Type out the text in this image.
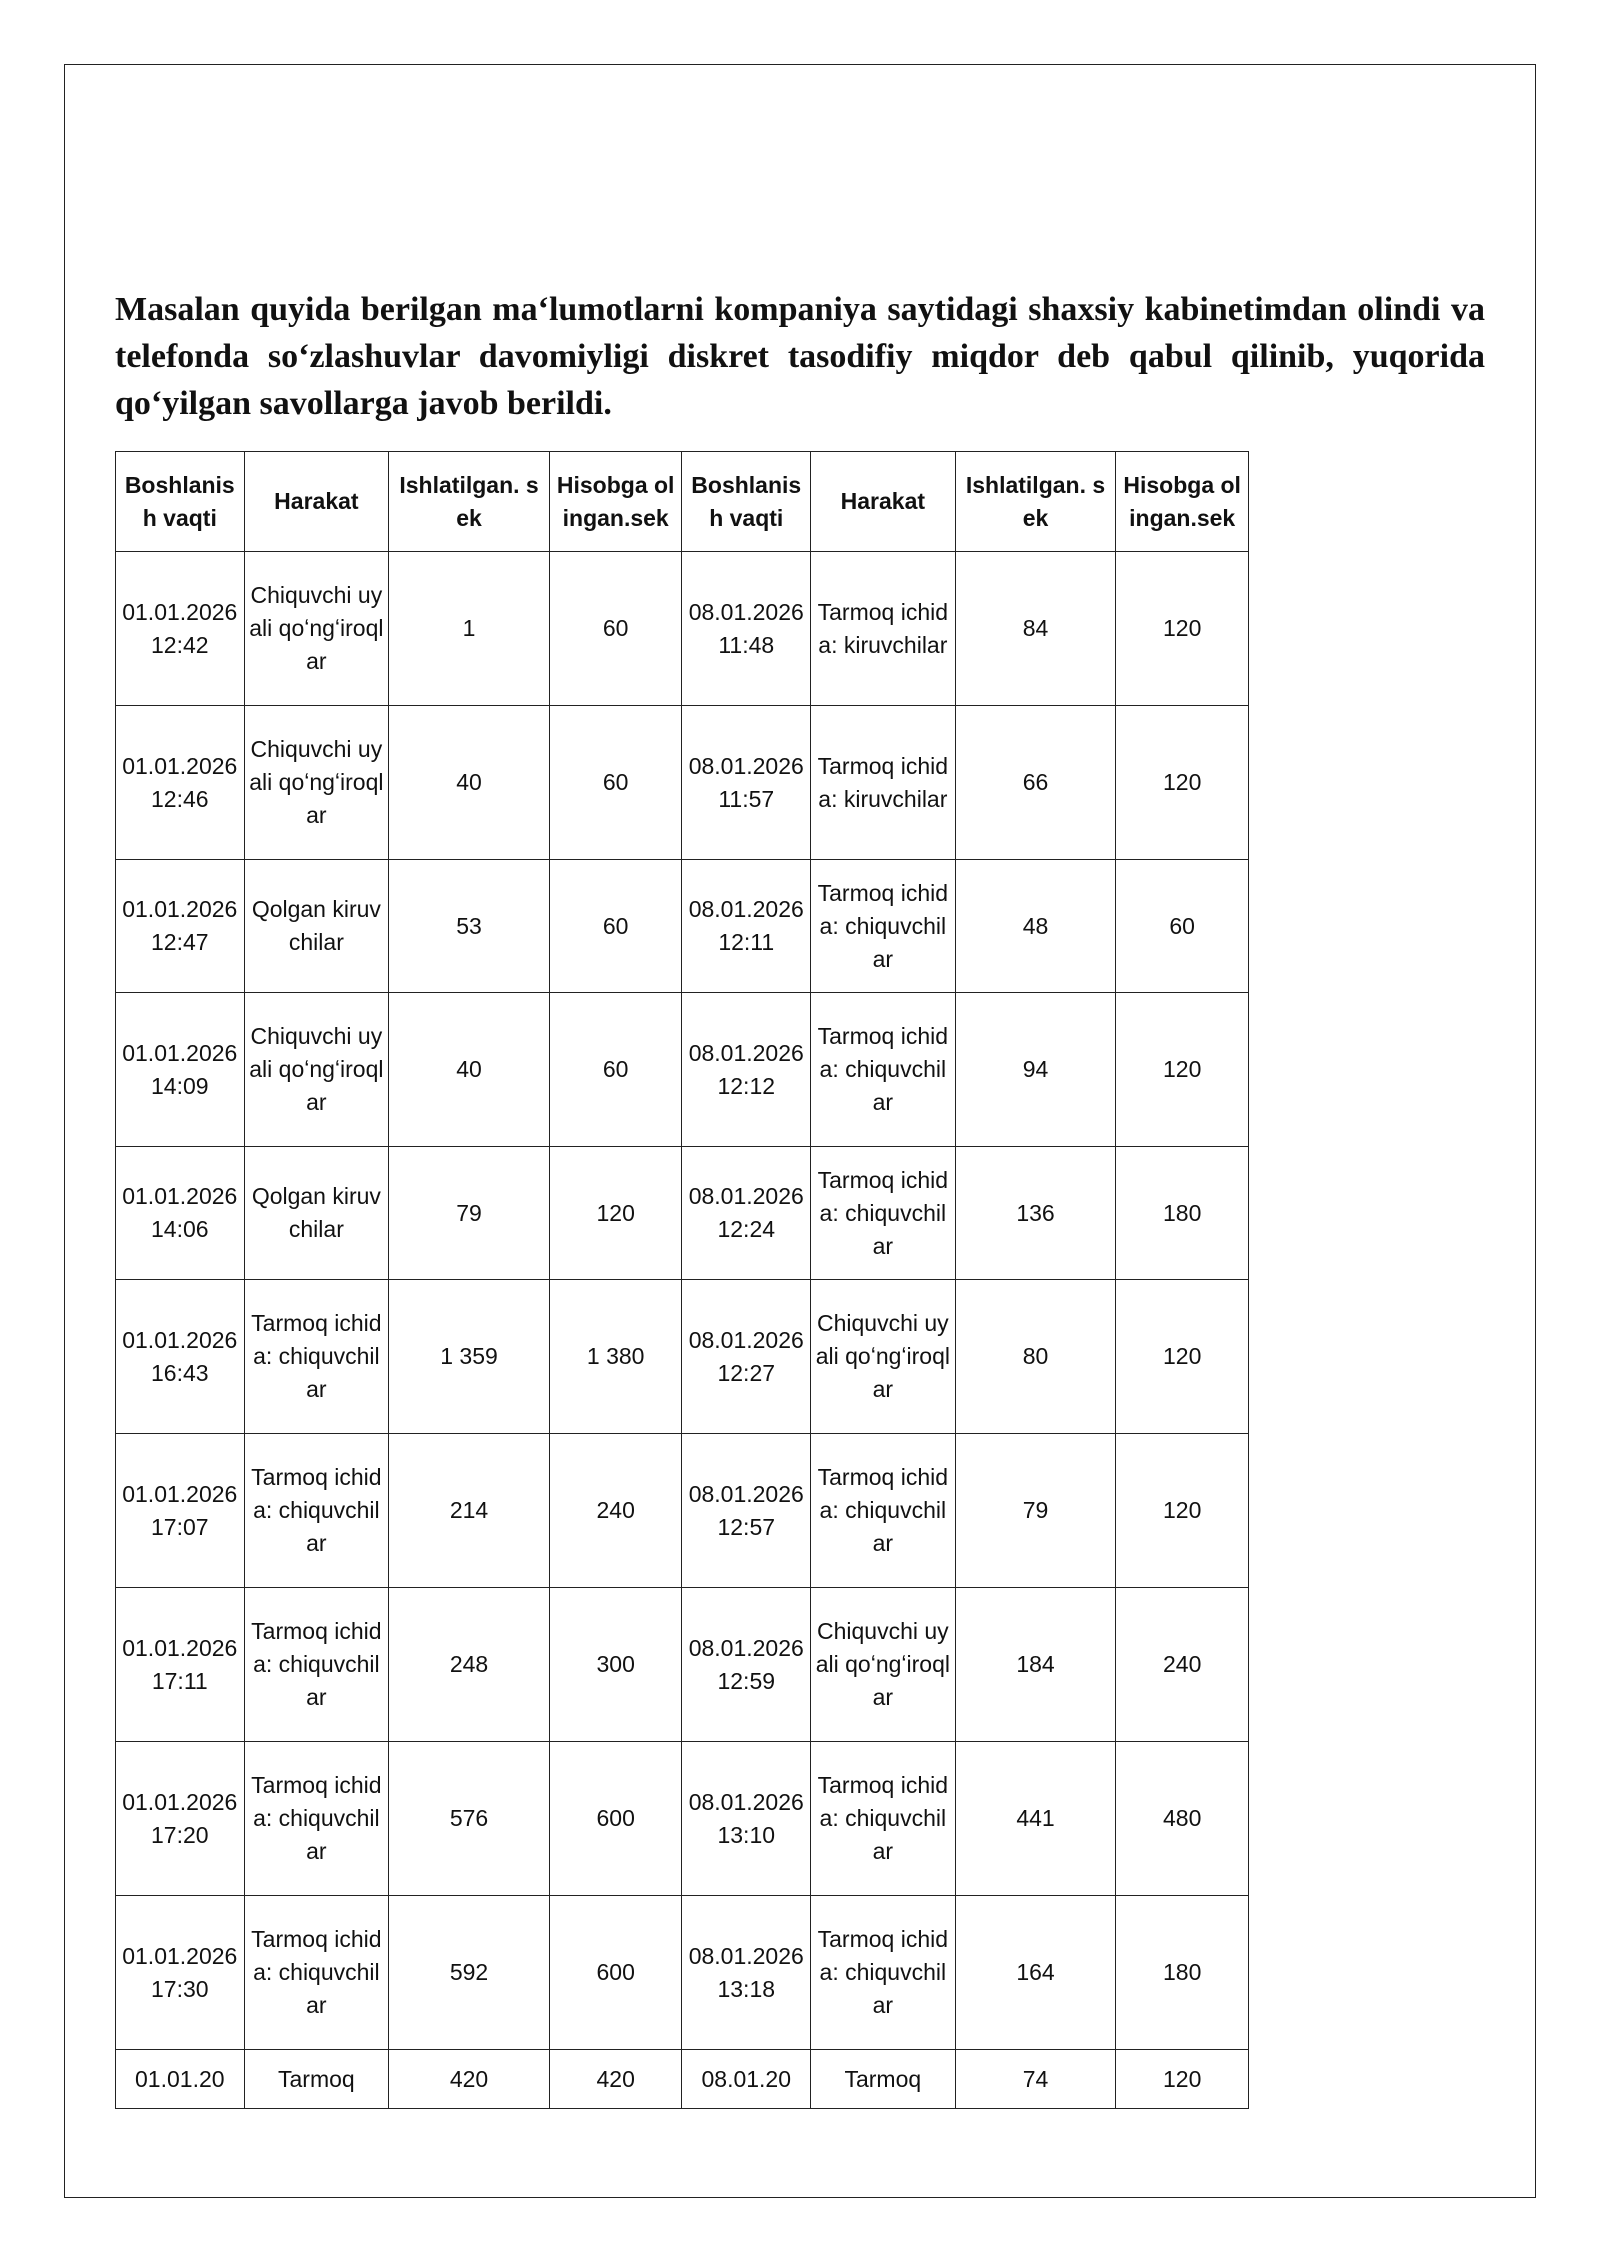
Masalan quyida berilgan maʻlumotlarni kompaniya saytidagi shaxsiy kabinetimdan olindi va telefonda soʻzlashuvlar davomiyligi diskret tasodifiy miqdor deb qabul qilinib, yuqorida qoʻyilgan savollarga javob berildi.

Boshlanish vaqti	Harakat	Ishlatilgan. sek	Hisobga olingan.sek	Boshlanish vaqti	Harakat	Ishlatilgan. sek	Hisobga olingan.sek
01.01.2026 12:42	Chiquvchi uyali qoʻngʻiroqlar	1	60	08.01.2026 11:48	Tarmoq ichida: kiruvchilar	84	120
01.01.2026 12:46	Chiquvchi uyali qoʻngʻiroqlar	40	60	08.01.2026 11:57	Tarmoq ichida: kiruvchilar	66	120
01.01.2026 12:47	Qolgan kiruvchilar	53	60	08.01.2026 12:11	Tarmoq ichida: chiquvchilar	48	60
01.01.2026 14:09	Chiquvchi uyali qoʻngʻiroqlar	40	60	08.01.2026 12:12	Tarmoq ichida: chiquvchilar	94	120
01.01.2026 14:06	Qolgan kiruvchilar	79	120	08.01.2026 12:24	Tarmoq ichida: chiquvchilar	136	180
01.01.2026 16:43	Tarmoq ichida: chiquvchilar	1 359	1 380	08.01.2026 12:27	Chiquvchi uyali qoʻngʻiroqlar	80	120
01.01.2026 17:07	Tarmoq ichida: chiquvchilar	214	240	08.01.2026 12:57	Tarmoq ichida: chiquvchilar	79	120
01.01.2026 17:11	Tarmoq ichida: chiquvchilar	248	300	08.01.2026 12:59	Chiquvchi uyali qoʻngʻiroqlar	184	240
01.01.2026 17:20	Tarmoq ichida: chiquvchilar	576	600	08.01.2026 13:10	Tarmoq ichida: chiquvchilar	441	480
01.01.2026 17:30	Tarmoq ichida: chiquvchilar	592	600	08.01.2026 13:18	Tarmoq ichida: chiquvchilar	164	180
01.01.20	Tarmoq	420	420	08.01.20	Tarmoq	74	120
